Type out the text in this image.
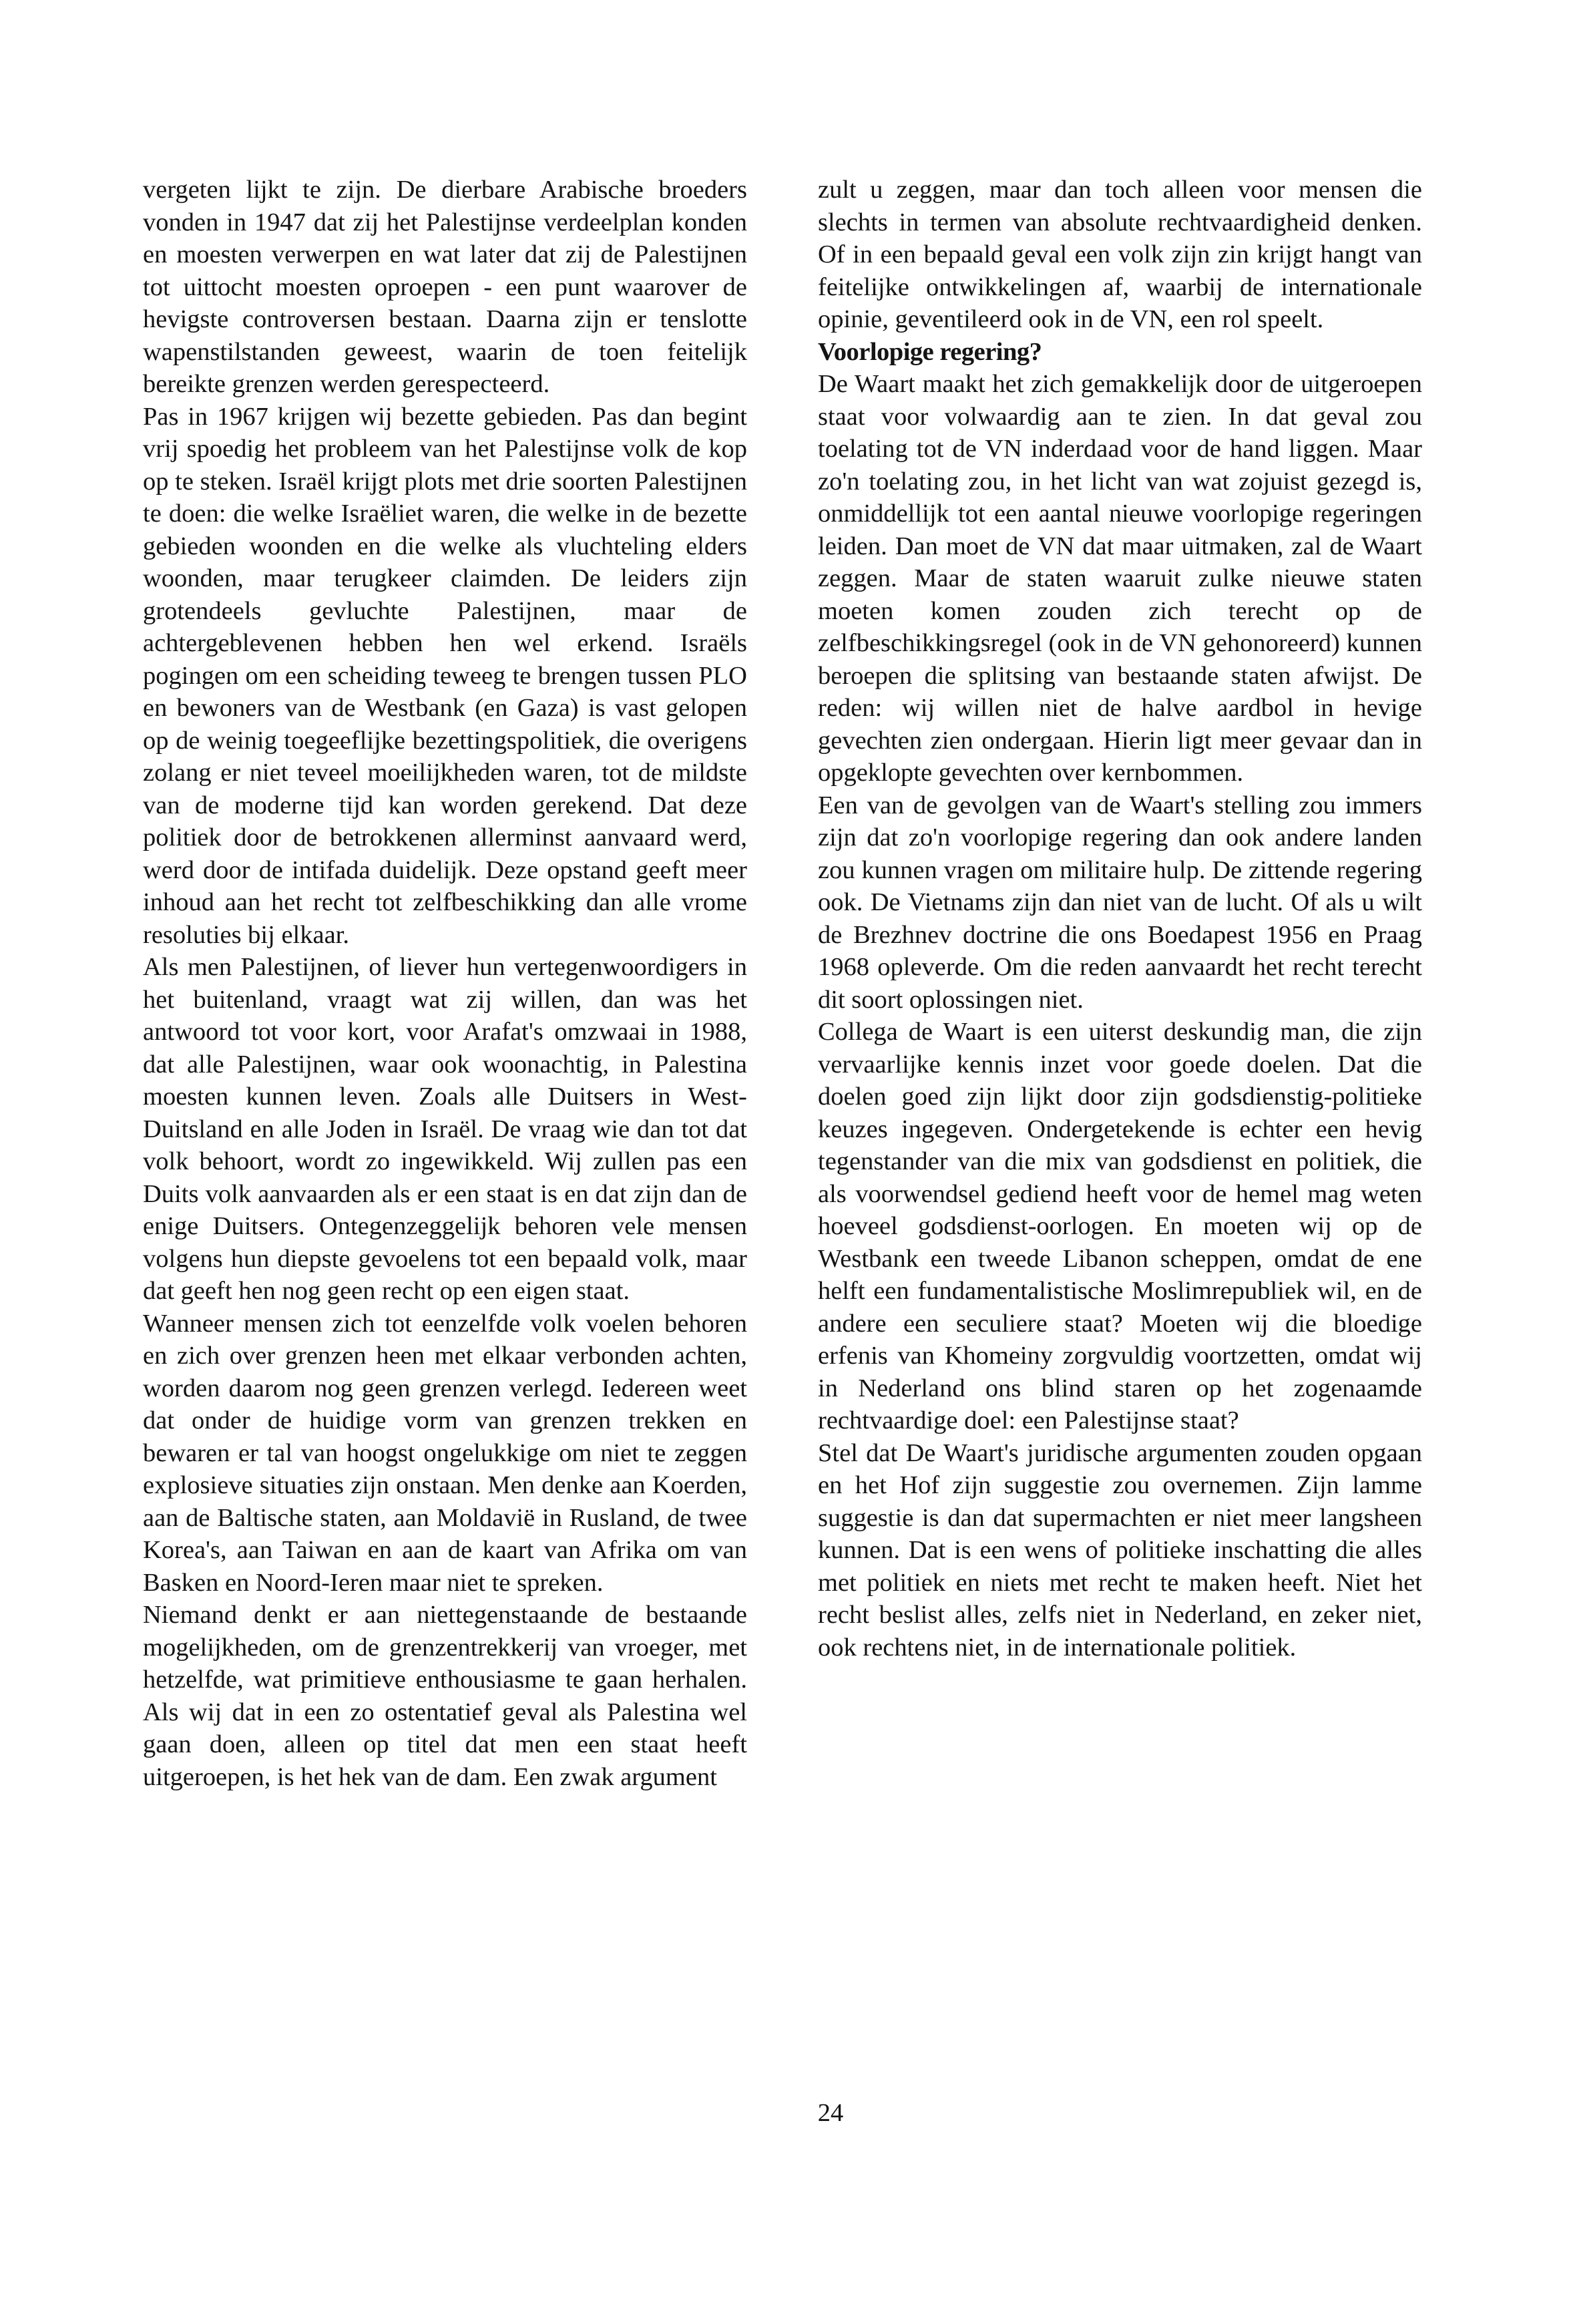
vergeten lijkt te zijn. De dierbare Arabische broeders vonden in 1947 dat zij het Palestijnse verdeelplan konden en moesten verwerpen en wat later dat zij de Palestijnen tot uittocht moesten oproepen - een punt waarover de hevigste controversen bestaan. Daarna zijn er tenslotte wapenstilstanden geweest, waarin de toen feitelijk bereikte grenzen werden gerespecteerd.

Pas in 1967 krijgen wij bezette gebieden. Pas dan begint vrij spoedig het probleem van het Palestijnse volk de kop op te steken. Israël krijgt plots met drie soorten Palestijnen te doen: die welke Israëliet waren, die welke in de bezette gebieden woonden en die welke als vluchteling elders woonden, maar terugkeer claimden. De leiders zijn grotendeels gevluchte Palestijnen, maar de achtergeblevenen hebben hen wel erkend. Israëls pogingen om een scheiding teweeg te brengen tussen PLO en bewoners van de Westbank (en Gaza) is vast gelopen op de weinig toegeeflijke bezettingspolitiek, die overigens zolang er niet teveel moeilijkheden waren, tot de mildste van de moderne tijd kan worden gerekend. Dat deze politiek door de betrokkenen allerminst aanvaard werd, werd door de intifada duidelijk. Deze opstand geeft meer inhoud aan het recht tot zelfbeschikking dan alle vrome resoluties bij elkaar.

Als men Palestijnen, of liever hun vertegenwoordigers in het buitenland, vraagt wat zij willen, dan was het antwoord tot voor kort, voor Arafat's omzwaai in 1988, dat alle Palestijnen, waar ook woonachtig, in Palestina moesten kunnen leven. Zoals alle Duitsers in West-Duitsland en alle Joden in Israël. De vraag wie dan tot dat volk behoort, wordt zo ingewikkeld. Wij zullen pas een Duits volk aanvaarden als er een staat is en dat zijn dan de enige Duitsers. Ontegenzeggelijk behoren vele mensen volgens hun diepste gevoelens tot een bepaald volk, maar dat geeft hen nog geen recht op een eigen staat.

Wanneer mensen zich tot eenzelfde volk voelen behoren en zich over grenzen heen met elkaar verbonden achten, worden daarom nog geen grenzen verlegd. Iedereen weet dat onder de huidige vorm van grenzen trekken en bewaren er tal van hoogst ongelukkige om niet te zeggen explosieve situaties zijn onstaan. Men denke aan Koerden, aan de Baltische staten, aan Moldavië in Rusland, de twee Korea's, aan Taiwan en aan de kaart van Afrika om van Basken en Noord-Ieren maar niet te spreken.

Niemand denkt er aan niettegenstaande de bestaande mogelijkheden, om de grenzentrekkerij van vroeger, met hetzelfde, wat primitieve enthousiasme te gaan herhalen. Als wij dat in een zo ostentatief geval als Palestina wel gaan doen, alleen op titel dat men een staat heeft uitgeroepen, is het hek van de dam. Een zwak argument

zult u zeggen, maar dan toch alleen voor mensen die slechts in termen van absolute rechtvaardigheid denken. Of in een bepaald geval een volk zijn zin krijgt hangt van feitelijke ontwikkelingen af, waarbij de internationale opinie, geventileerd ook in de VN, een rol speelt.

Voorlopige regering?

De Waart maakt het zich gemakkelijk door de uitgeroepen staat voor volwaardig aan te zien. In dat geval zou toelating tot de VN inderdaad voor de hand liggen. Maar zo'n toelating zou, in het licht van wat zojuist gezegd is, onmiddellijk tot een aantal nieuwe voorlopige regeringen leiden. Dan moet de VN dat maar uitmaken, zal de Waart zeggen. Maar de staten waaruit zulke nieuwe staten moeten komen zouden zich terecht op de zelfbeschikkingsregel (ook in de VN gehonoreerd) kunnen beroepen die splitsing van bestaande staten afwijst. De reden: wij willen niet de halve aardbol in hevige gevechten zien ondergaan. Hierin ligt meer gevaar dan in opgeklopte gevechten over kernbommen.

Een van de gevolgen van de Waart's stelling zou immers zijn dat zo'n voorlopige regering dan ook andere landen zou kunnen vragen om militaire hulp. De zittende regering ook. De Vietnams zijn dan niet van de lucht. Of als u wilt de Brezhnev doctrine die ons Boedapest 1956 en Praag 1968 opleverde. Om die reden aanvaardt het recht terecht dit soort oplossingen niet.

Collega de Waart is een uiterst deskundig man, die zijn vervaarlijke kennis inzet voor goede doelen. Dat die doelen goed zijn lijkt door zijn godsdienstig-politieke keuzes ingegeven. Ondergetekende is echter een hevig tegenstander van die mix van godsdienst en politiek, die als voorwendsel gediend heeft voor de hemel mag weten hoeveel godsdienst-oorlogen. En moeten wij op de Westbank een tweede Libanon scheppen, omdat de ene helft een fundamentalistische Moslimrepubliek wil, en de andere een seculiere staat? Moeten wij die bloedige erfenis van Khomeiny zorgvuldig voortzetten, omdat wij in Nederland ons blind staren op het zogenaamde rechtvaardige doel: een Palestijnse staat?

Stel dat De Waart's juridische argumenten zouden opgaan en het Hof zijn suggestie zou overnemen. Zijn lamme suggestie is dan dat supermachten er niet meer langsheen kunnen. Dat is een wens of politieke inschatting die alles met politiek en niets met recht te maken heeft. Niet het recht beslist alles, zelfs niet in Nederland, en zeker niet, ook rechtens niet, in de internationale politiek.

24
